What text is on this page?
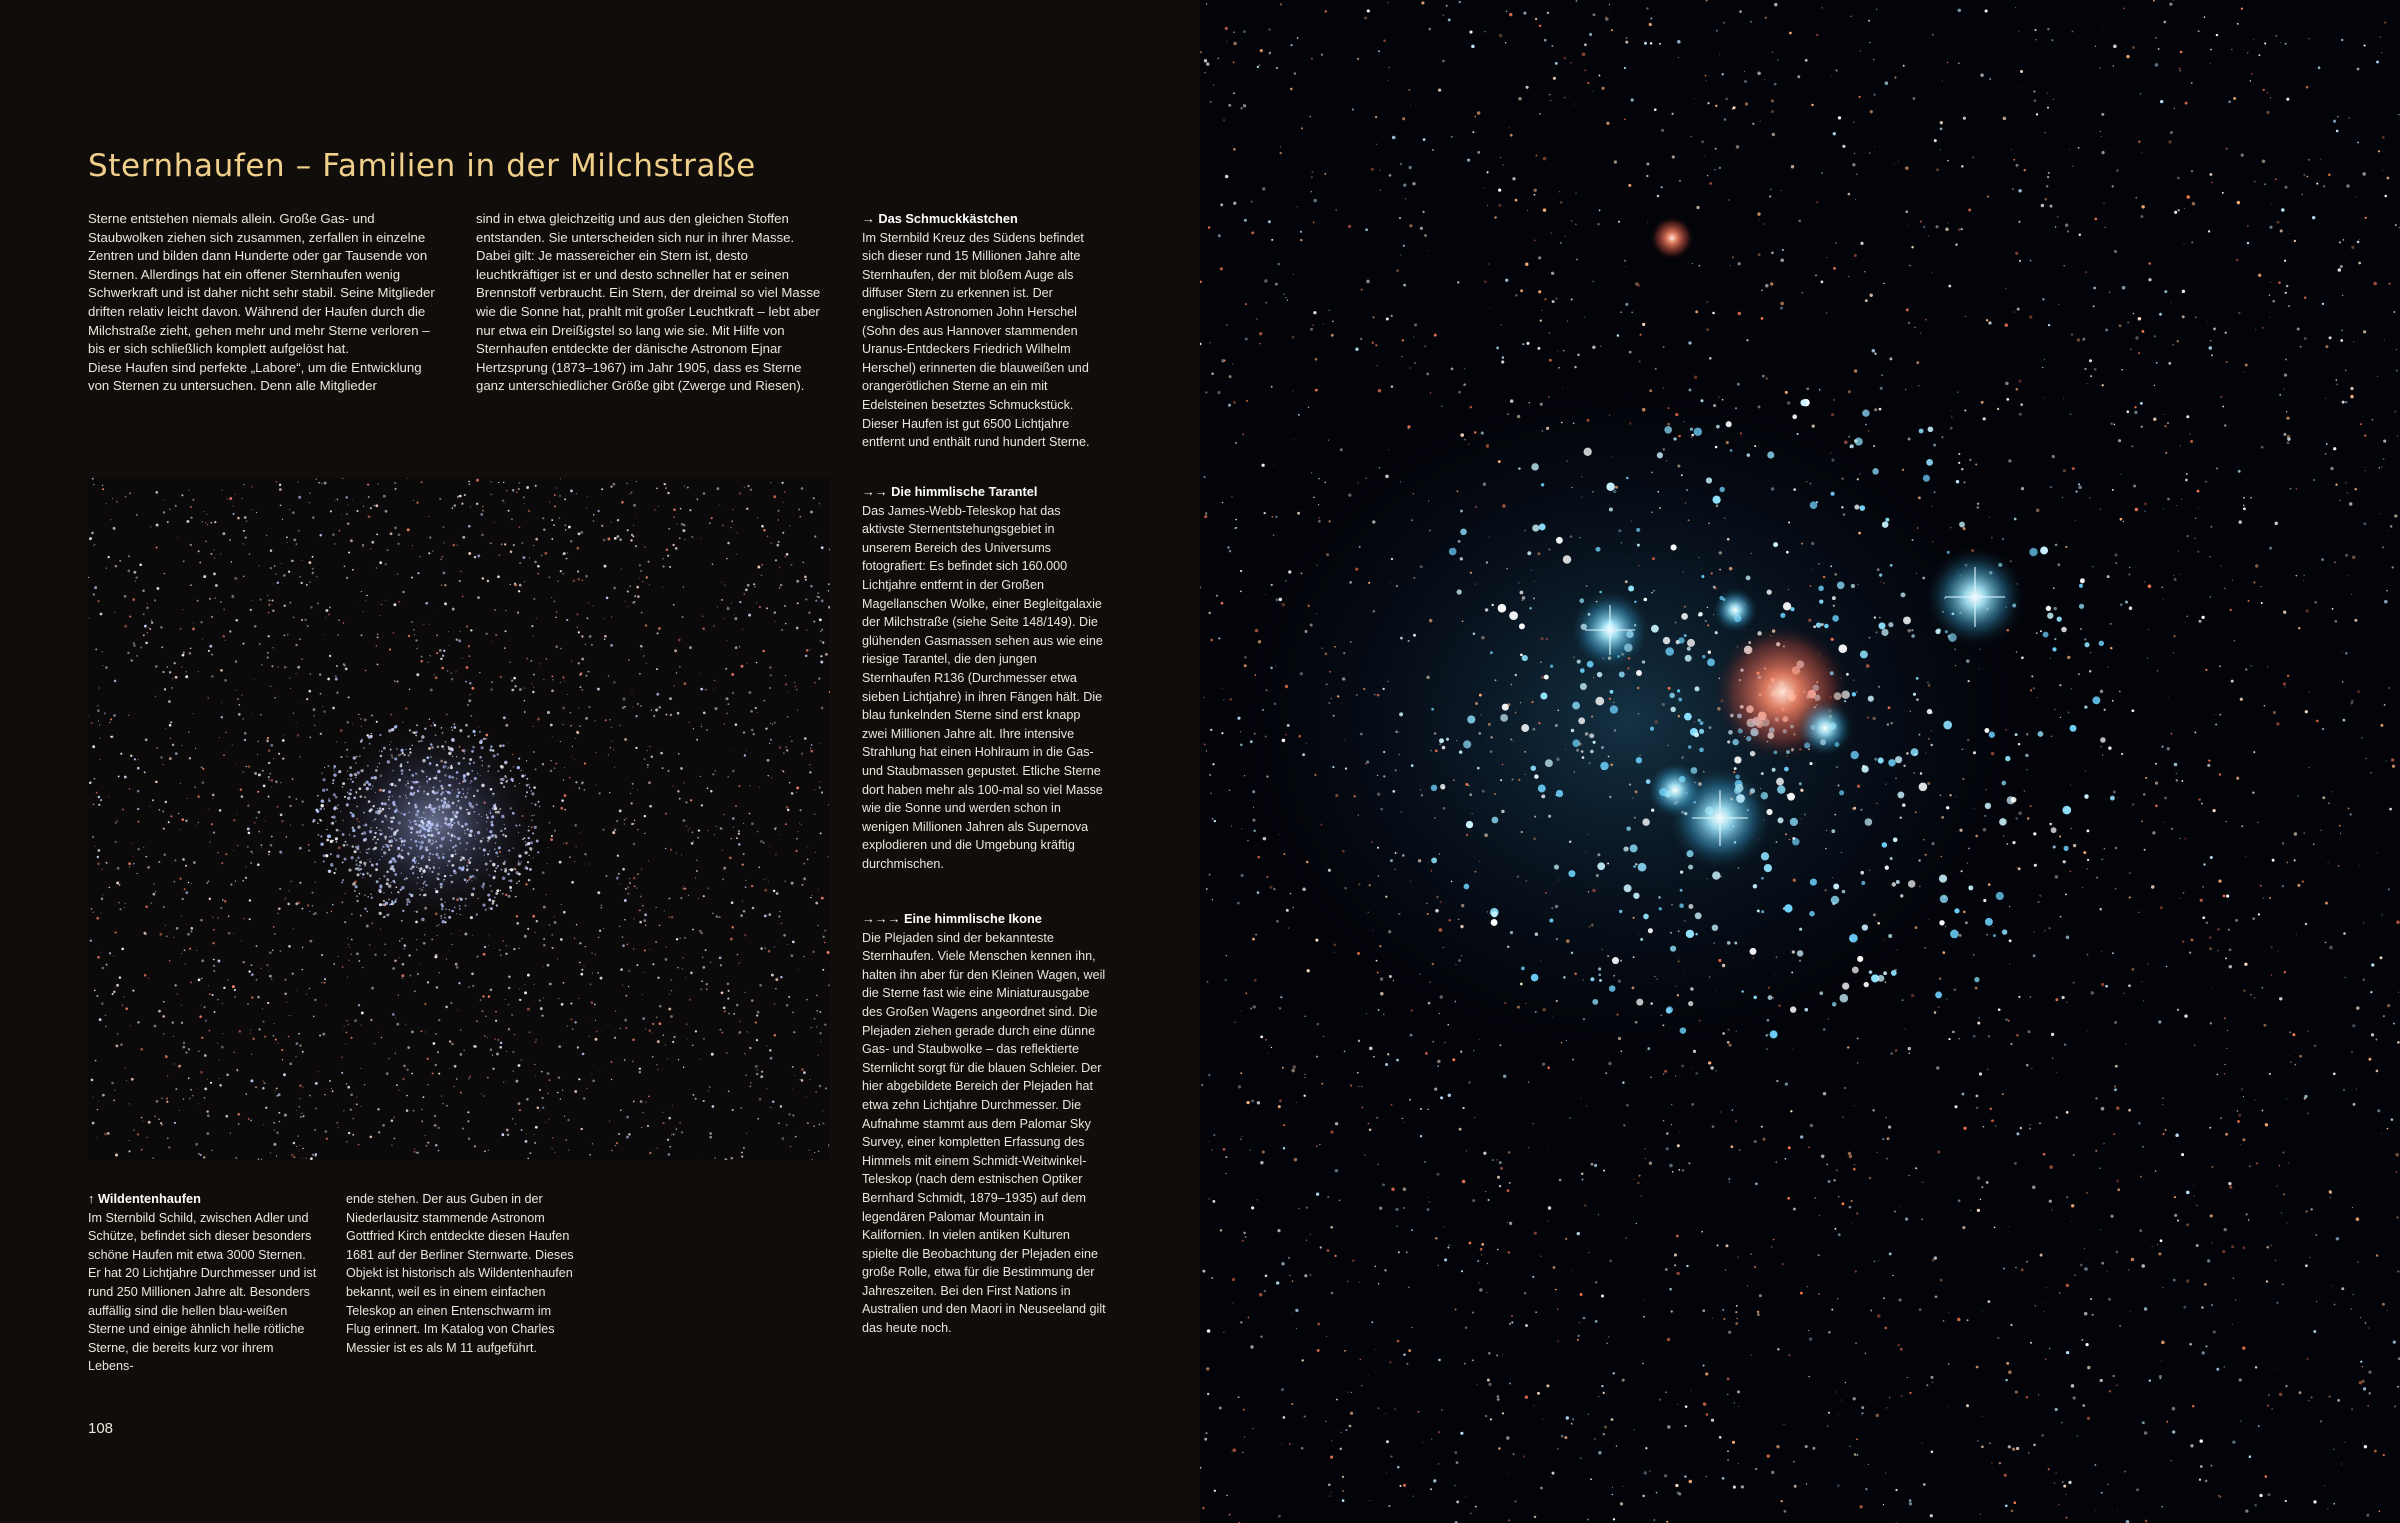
Sternhaufen – Familien in der Milchstraße

Sterne entstehen niemals allein. Große Gas- und Staubwolken ziehen sich zusammen, zerfallen in einzelne Zentren und bilden dann Hunderte oder gar Tausende von Sternen. Allerdings hat ein offener Sternhaufen wenig Schwerkraft und ist daher nicht sehr stabil. Seine Mitglieder driften relativ leicht davon. Während der Haufen durch die Milchstraße zieht, gehen mehr und mehr Sterne verloren – bis er sich schließlich komplett aufgelöst hat.

Diese Haufen sind perfekte „Labore“, um die Entwicklung von Sternen zu untersuchen. Denn alle Mitglieder

sind in etwa gleichzeitig und aus den gleichen Stoffen entstanden. Sie unterscheiden sich nur in ihrer Masse. Dabei gilt: Je massereicher ein Stern ist, desto leuchtkräftiger ist er und desto schneller hat er seinen Brennstoff verbraucht. Ein Stern, der dreimal so viel Masse wie die Sonne hat, prahlt mit großer Leuchtkraft – lebt aber nur etwa ein Dreißigstel so lang wie sie. Mit Hilfe von Sternhaufen entdeckte der dänische Astronom Ejnar Hertzsprung (1873–1967) im Jahr 1905, dass es Sterne ganz unterschiedlicher Größe gibt (Zwerge und Riesen).

→ Das Schmuckkästchen

Im Sternbild Kreuz des Südens befindet sich dieser rund 15 Millionen Jahre alte Sternhaufen, der mit bloßem Auge als diffuser Stern zu erkennen ist. Der englischen Astronomen John Herschel (Sohn des aus Hannover stammenden Uranus-Entdeckers Friedrich Wilhelm Herschel) erinnerten die blauweißen und orangerötlichen Sterne an ein mit Edelsteinen besetztes Schmuckstück. Dieser Haufen ist gut 6500 Lichtjahre entfernt und enthält rund hundert Sterne.

→→ Die himmlische Tarantel

Das James-Webb-Teleskop hat das aktivste Sternentstehungsgebiet in unserem Bereich des Universums fotografiert: Es befindet sich 160.000 Lichtjahre entfernt in der Großen Magellanschen Wolke, einer Begleitgalaxie der Milchstraße (siehe Seite 148/149). Die glühenden Gasmassen sehen aus wie eine riesige Tarantel, die den jungen Sternhaufen R136 (Durchmesser etwa sieben Lichtjahre) in ihren Fängen hält. Die blau funkelnden Sterne sind erst knapp zwei Millionen Jahre alt. Ihre intensive Strahlung hat einen Hohlraum in die Gas- und Staubmassen gepustet. Etliche Sterne dort haben mehr als 100-mal so viel Masse wie die Sonne und werden schon in wenigen Millionen Jahren als Supernova explodieren und die Umgebung kräftig durchmischen.

→→→ Eine himmlische Ikone

Die Plejaden sind der bekannteste Sternhaufen. Viele Menschen kennen ihn, halten ihn aber für den Kleinen Wagen, weil die Sterne fast wie eine Miniaturausgabe des Großen Wagens angeordnet sind. Die Plejaden ziehen gerade durch eine dünne Gas- und Staubwolke – das reflektierte Sternlicht sorgt für die blauen Schleier. Der hier abgebildete Bereich der Plejaden hat etwa zehn Lichtjahre Durchmesser. Die Aufnahme stammt aus dem Palomar Sky Survey, einer kompletten Erfassung des Himmels mit einem Schmidt-Weitwinkel-Teleskop (nach dem estnischen Optiker Bernhard Schmidt, 1879–1935) auf dem legendären Palomar Mountain in Kalifornien. In vielen antiken Kulturen spielte die Beobachtung der Plejaden eine große Rolle, etwa für die Bestimmung der Jahreszeiten. Bei den First Nations in Australien und den Maori in Neuseeland gilt das heute noch.

↑ Wildentenhaufen

Im Sternbild Schild, zwischen Adler und Schütze, befindet sich dieser besonders schöne Haufen mit etwa 3000 Sternen. Er hat 20 Lichtjahre Durchmesser und ist rund 250 Millionen Jahre alt. Besonders auffällig sind die hellen blau-weißen Sterne und einige ähnlich helle rötliche Sterne, die bereits kurz vor ihrem Lebens-

ende stehen. Der aus Guben in der Niederlausitz stammende Astronom Gottfried Kirch entdeckte diesen Haufen 1681 auf der Berliner Sternwarte. Dieses Objekt ist historisch als Wildentenhaufen bekannt, weil es in einem einfachen Teleskop an einen Entenschwarm im Flug erinnert. Im Katalog von Charles Messier ist es als M 11 aufgeführt.

108
